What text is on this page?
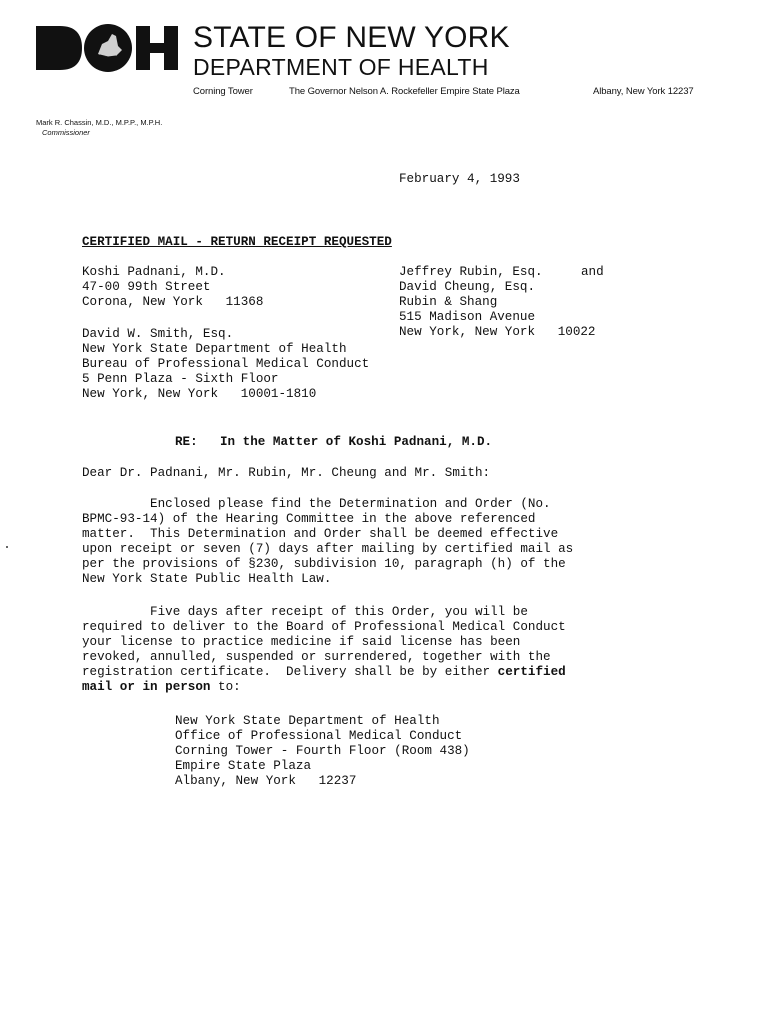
STATE OF NEW YORK
DEPARTMENT OF HEALTH
Corning Tower	The Governor Nelson A. Rockefeller Empire State Plaza	Albany, New York 12237
Mark R. Chassin, M.D., M.P.P., M.P.H.
Commissioner
February 4, 1993
CERTIFIED MAIL - RETURN RECEIPT REQUESTED
Koshi Padnani, M.D.
47-00 99th Street
Corona, New York   11368
Jeffrey Rubin, Esq.
David Cheung, Esq.
Rubin & Shang
515 Madison Avenue
New York, New York   10022
and
David W. Smith, Esq.
New York State Department of Health
Bureau of Professional Medical Conduct
5 Penn Plaza - Sixth Floor
New York, New York   10001-1810
RE: In the Matter of Koshi Padnani, M.D.
Dear Dr. Padnani, Mr. Rubin, Mr. Cheung and Mr. Smith:
Enclosed please find the Determination and Order (No.
BPMC-93-14) of the Hearing Committee in the above referenced
matter.  This Determination and Order shall be deemed effective
upon receipt or seven (7) days after mailing by certified mail as
per the provisions of §230, subdivision 10, paragraph (h) of the
New York State Public Health Law.
Five days after receipt of this Order, you will be
required to deliver to the Board of Professional Medical Conduct
your license to practice medicine if said license has been
revoked, annulled, suspended or surrendered, together with the
registration certificate.  Delivery shall be by either certified
mail or in person to:
New York State Department of Health
Office of Professional Medical Conduct
Corning Tower - Fourth Floor (Room 438)
Empire State Plaza
Albany, New York   12237
